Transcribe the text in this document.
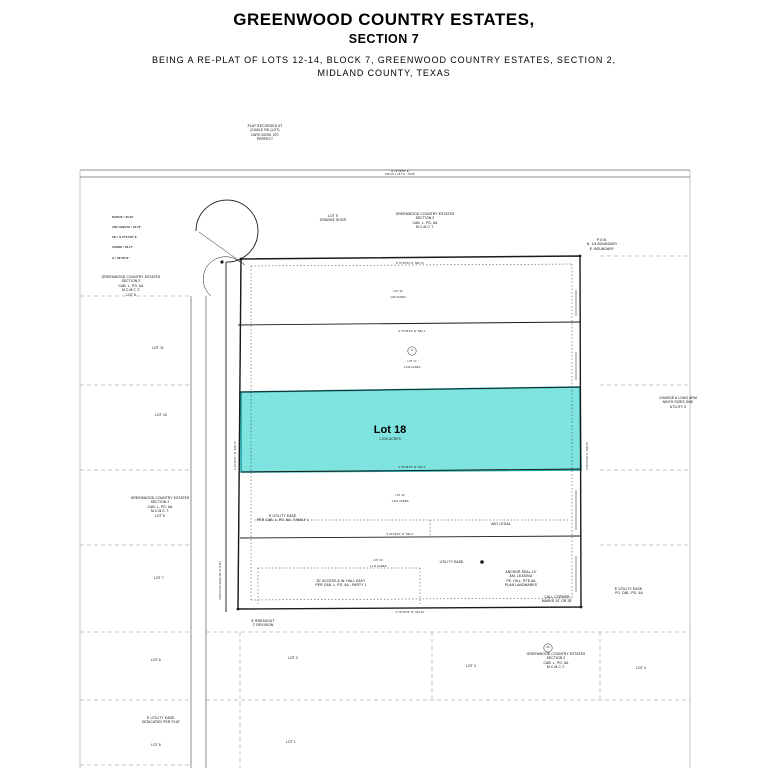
GREENWOOD COUNTRY ESTATES,
SECTION 7
BEING A RE-PLAT OF LOTS 12-14, BLOCK 7, GREENWOOD COUNTRY ESTATES, SECTION 2,
MIDLAND COUNTY, TEXAS
Lot 18
1.026 ACRES

RADIUS = 60.00'

ARC LENGTH = 94.76'

CB = N 07'54'59" E

CHORD = 85.17'

Δ = 90°28'41"

N 79°35'33" E  582.74'
S 79°39'33" W  604.10'
N 10°40'27" W  626.76'	S 06°01'33" E  646.05'
N 79°38'56" E
PW 1/4 L 15 TO - 78.00'
SOUTH CIP AREA (60' R.O.W.)
S 79°35'33" W  582.1'
S 79°35'33" W  590.3'
S 79°35'33" W  596.2'
LOT 16
1.86 ACRES
LOT 17
1.043 ACRES
LOT 19
1.061 ACRES
LOT 20
1.174 ACRES
17
20
PLAT RECORDED AT
(CABLE RD (LOT)
DATE BOOK 370
PERFECT
LOT 9
ORANGE SHOR
GREENWOOD COUNTRY ESTATES
SECTION 2
CAB. L, PG. 6A
M.C.M.C.T.
GREENWOOD COUNTRY ESTATES
SECTION 2
CAB. L, PG. 6A
M.C.M.C.T.
LOT 8
P.O.B.
N. 1/4 BOUNDARY
E. BOUNDARY
LOT 11
LOT 10
GREENWOOD COUNTRY ESTATES
SECTION 2
CAB. L, PG. 6A
M.C.M.C.T.
LOT 9
LOT 7
LOT 6
5' UTILITY EASE.
DEDICATED PER PLAT
LOT 5
CHARGE A LONG ARM
NINTH SIZES ONE
UTILITY 2
5' UTILITY EASE.
PER CAB. L, PG. 6A - FAMILY 1
ANY LEGAL
UTILITY EASE.
30' ACCESS & W. HALL EASY
PER CAB. L, PG. 6A - PARTY 1
ANCHOR SEAL-10'
AM. LEASING
PE. HILL, RTE 6A
PLAN LANDMARKS
CALL CORNER
MARKS 10' OR 25'
5' UTILITY EASE.
PG. DBL, PG. 6A
5' BREAKOUT
2' REVISION
LOT 2
LOT 3
GREENWOOD COUNTRY ESTATES
SECTION 2
CAB. L, PG. 6A
M.C.M.C.T.	LOT 4
LOT 1
